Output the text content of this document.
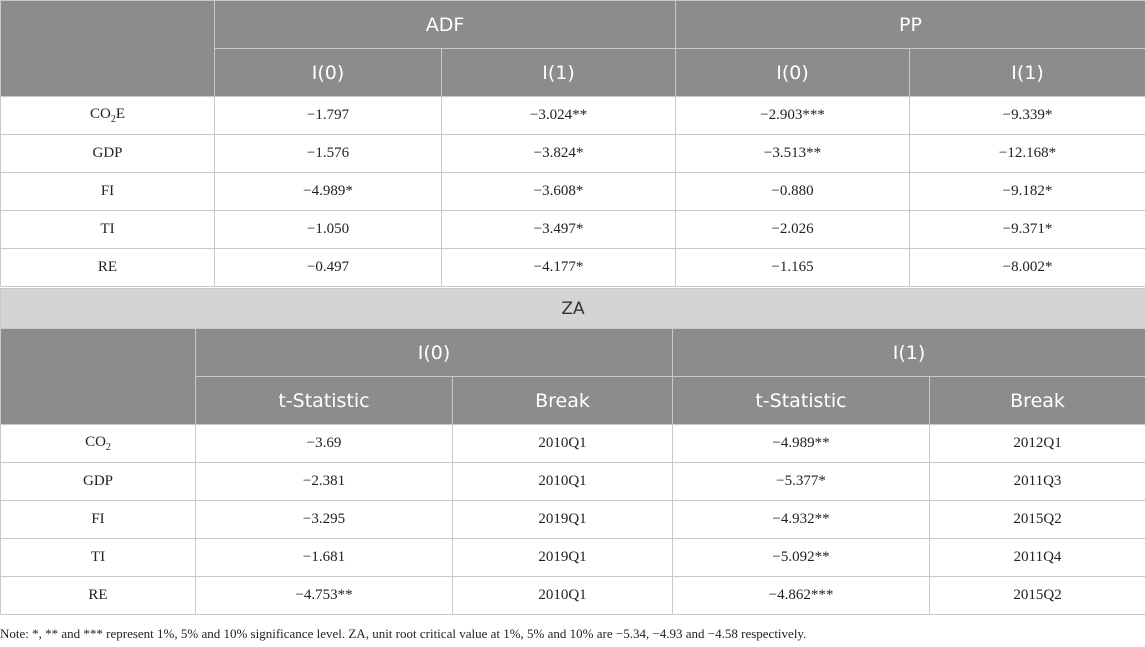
	ADF		PP	
	I(0)	I(1)	I(0)	I(1)
$CO_2E$	−1.797	−3.024**	−2.903***	−9.339*
GDP	−1.576	−3.824*	−3.513**	−12.168*
FI	−4.989*	−3.608*	−0.880	−9.182*
TI	−1.050	−3.497*	−2.026	−9.371*
RE	−0.497	−4.177*	−1.165	−8.002*
ZA				
	I(0)		I(1)	
	t-Statistic	Break	t-Statistic	Break
$CO_2$	−3.69	2010Q1	−4.989**	2012Q1
GDP	−2.381	2010Q1	−5.377*	2011Q3
FI	−3.295	2019Q1	−4.932**	2015Q2
TI	−1.681	2019Q1	−5.092**	2011Q4
RE	−4.753**	2010Q1	−4.862***	2015Q2
Note: *, ** and *** represent 1%, 5% and 10% significance level. ZA, unit root critical value at 1%, 5% and 10% are −5.34, −4.93 and −4.58 respectively.
